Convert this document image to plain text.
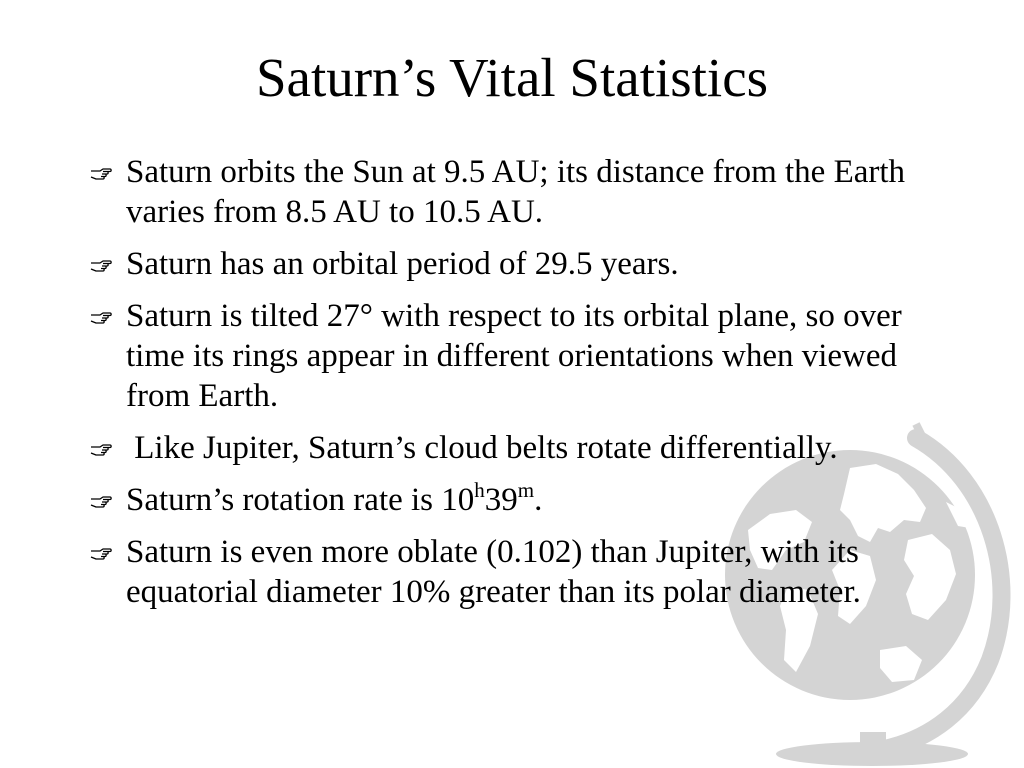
Saturn’s Vital Statistics
Saturn orbits the Sun at 9.5 AU; its distance from the Earth varies from 8.5 AU to 10.5 AU.
Saturn has an orbital period of 29.5 years.
Saturn is tilted 27° with respect to its orbital plane, so over time its rings appear in different orientations when viewed from Earth.
Like Jupiter, Saturn’s cloud belts rotate differentially.
Saturn’s rotation rate is 10$^h$39$^m$.
Saturn is even more oblate (0.102) than Jupiter, with its equatorial diameter 10% greater than its polar diameter.
